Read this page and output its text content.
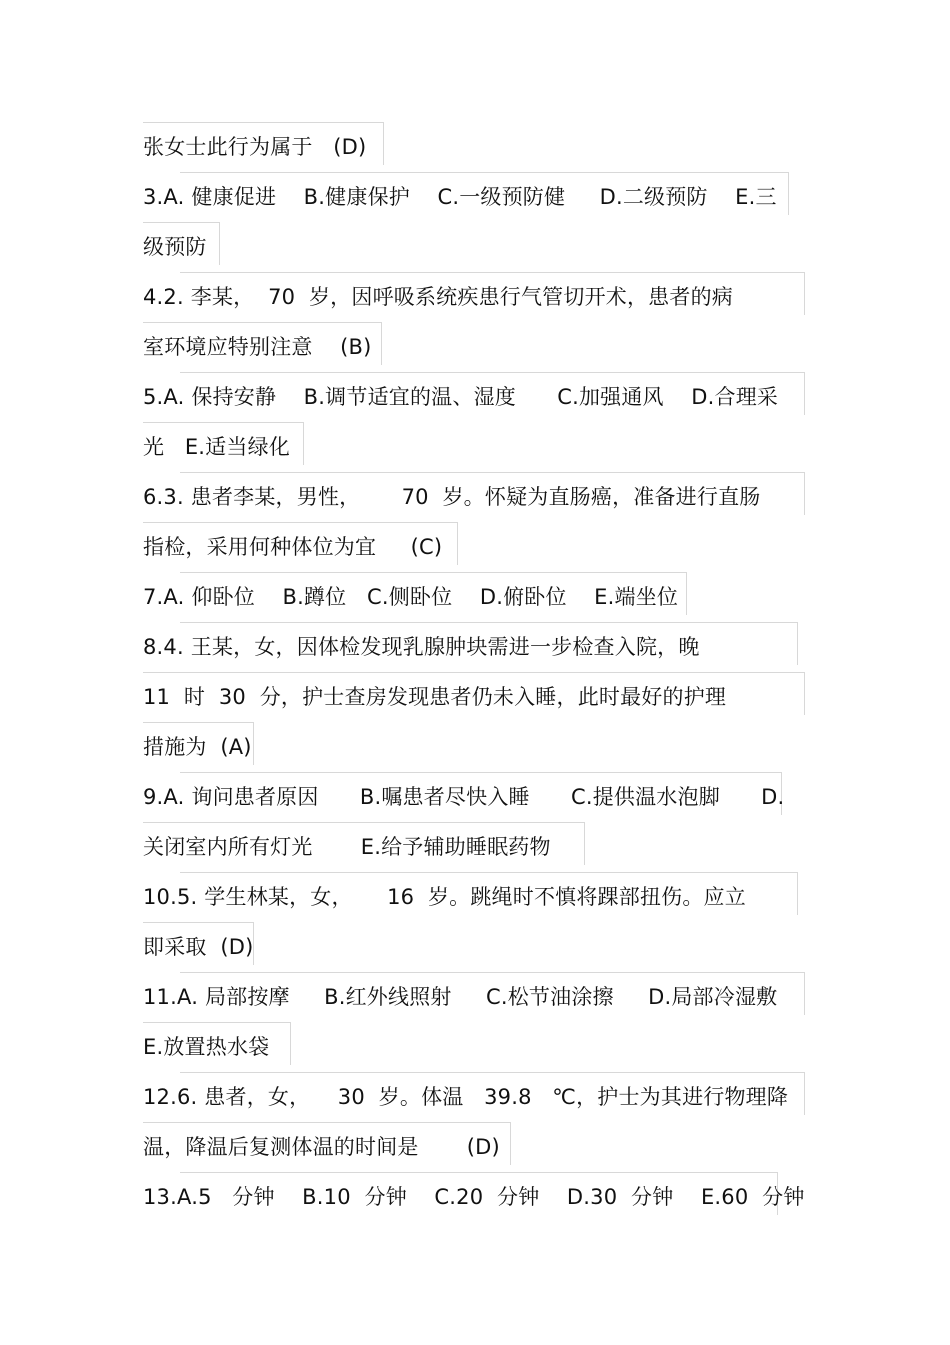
张女士此行为属于   (D)
3.A. 健康促进    B.健康保护    C.一级预防健     D.二级预防    E.三
级预防
4.2. 李某，  70  岁，因呼吸系统疾患行气管切开术，患者的病
室环境应特别注意    (B)
5.A. 保持安静    B.调节适宜的温、湿度      C.加强通风    D.合理采
光   E.适当绿化
6.3. 患者李某，男性，      70  岁。怀疑为直肠癌，准备进行直肠
指检，采用何种体位为宜     (C)
7.A. 仰卧位    B.蹲位   C.侧卧位    D.俯卧位    E.端坐位
8.4. 王某，女，因体检发现乳腺肿块需进一步检查入院，晚
11  时  30  分，护士查房发现患者仍未入睡，此时最好的护理
措施为  (A)
9.A. 询问患者原因      B.嘱患者尽快入睡      C.提供温水泡脚      D.
关闭室内所有灯光       E.给予辅助睡眠药物
10.5. 学生林某，女，     16  岁。跳绳时不慎将踝部扭伤。应立
即采取  (D)
11.A. 局部按摩     B.红外线照射     C.松节油涂擦     D.局部冷湿敷
E.放置热水袋
12.6. 患者，女，    30  岁。体温   39.8   ℃，护士为其进行物理降
温，降温后复测体温的时间是       (D)
13.A.5   分钟    B.10  分钟    C.20  分钟    D.30  分钟    E.60  分钟
